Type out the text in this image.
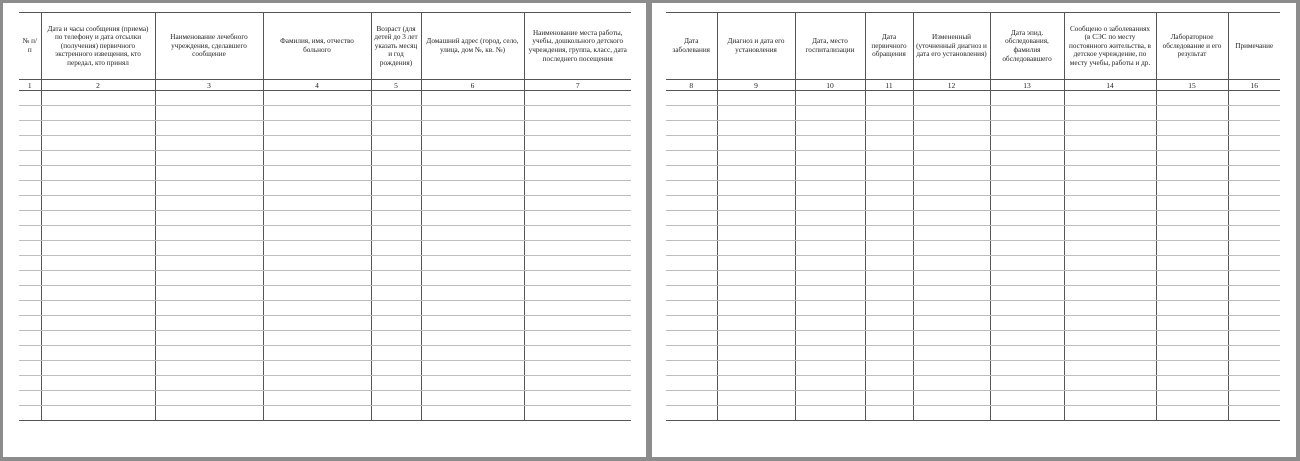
№ п/п	Дата и часы сообщения (приема) по телефону и дата отсылки (получения) первичного экстренного извещения, кто передал, кто принял	Наименование лечебного учреждения, сделавшего сообщение	Фамилия, имя, отчество больного	Возраст (для детей до 3 лет указать месяц и год рождения)	Домашний адрес (город, село, улица, дом №, кв. №)	Наименование места работы, учебы, дошкольного детского учреждения, группа, класс, дата последнего посещения
1	2	3	4	5	6	7

Дата заболевания	Диагноз и дата его установления	Дата, место госпитализации	Дата первичного обращения	Измененный (уточненный диагноз и дата его установления)	Дата эпид. обследования, фамилия обследовавшего	Сообщено о заболеваниях (в СЭС по месту постоянного жительства, в детское учреждение, по месту учебы, работы и др.	Лабораторное обследование и его результат	Примечание
8	9	10	11	12	13	14	15	16
